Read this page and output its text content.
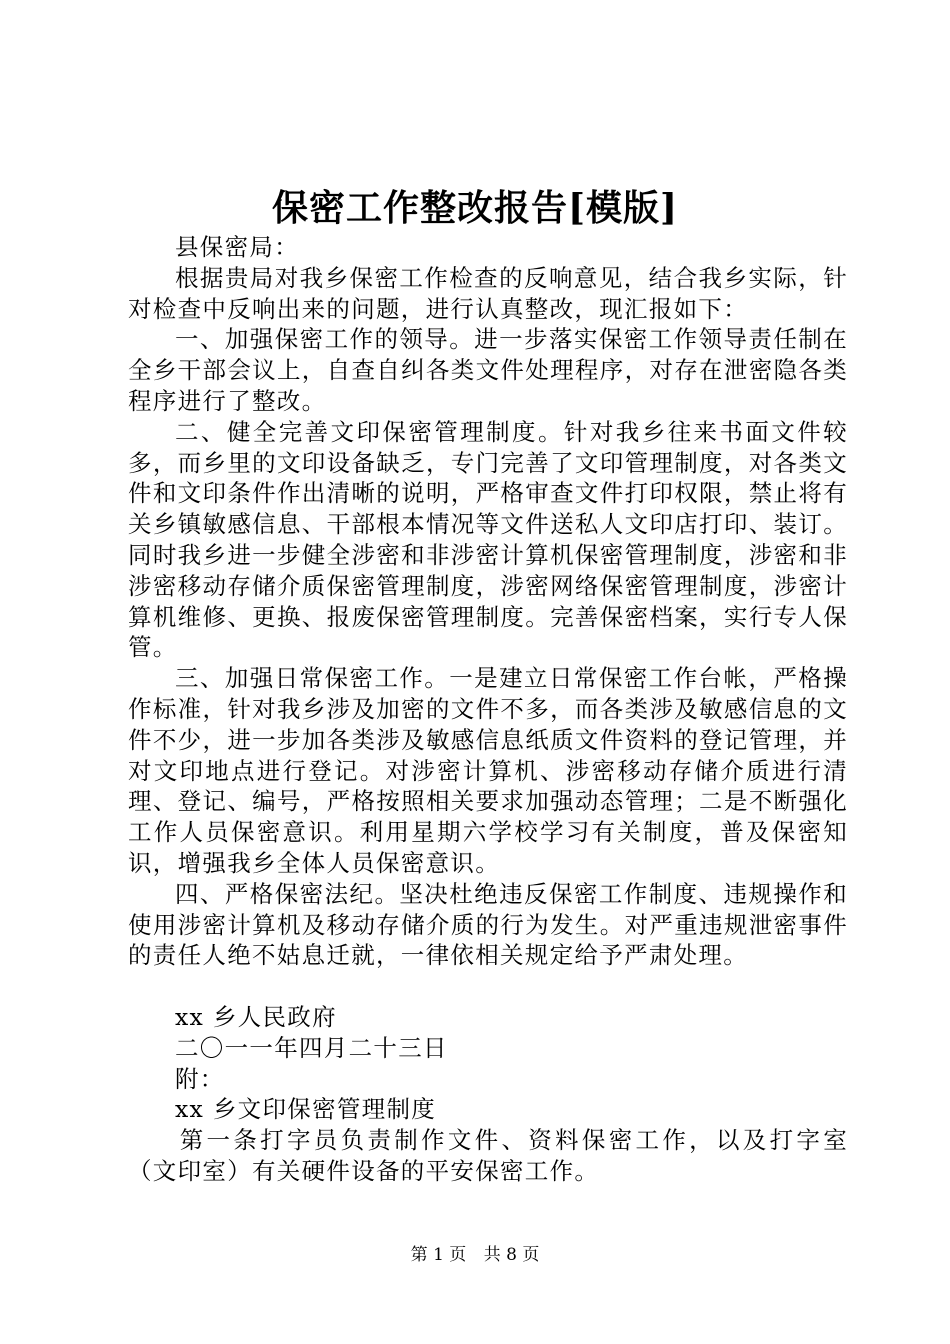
保密工作整改报告[模版]

县保密局：

根据贵局对我乡保密工作检查的反响意见，结合我乡实际，针对检查中反响出来的问题，进行认真整改，现汇报如下：

一、加强保密工作的领导。进一步落实保密工作领导责任制在全乡干部会议上，自查自纠各类文件处理程序，对存在泄密隐各类程序进行了整改。

二、健全完善文印保密管理制度。针对我乡往来书面文件较多，而乡里的文印设备缺乏，专门完善了文印管理制度，对各类文件和文印条件作出清晰的说明，严格审查文件打印权限，禁止将有关乡镇敏感信息、干部根本情况等文件送私人文印店打印、装订。同时我乡进一步健全涉密和非涉密计算机保密管理制度，涉密和非涉密移动存储介质保密管理制度，涉密网络保密管理制度，涉密计算机维修、更换、报废保密管理制度。完善保密档案，实行专人保管。

三、加强日常保密工作。一是建立日常保密工作台帐，严格操作标准，针对我乡涉及加密的文件不多，而各类涉及敏感信息的文件不少，进一步加各类涉及敏感信息纸质文件资料的登记管理，并对文印地点进行登记。对涉密计算机、涉密移动存储介质进行清理、登记、编号，严格按照相关要求加强动态管理；二是不断强化工作人员保密意识。利用星期六学校学习有关制度，普及保密知识，增强我乡全体人员保密意识。

四、严格保密法纪。坚决杜绝违反保密工作制度、违规操作和使用涉密计算机及移动存储介质的行为发生。对严重违规泄密事件的责任人绝不姑息迁就，一律依相关规定给予严肃处理。

xx 乡人民政府

二〇一一年四月二十三日

附：

xx 乡文印保密管理制度

第一条打字员负责制作文件、资料保密工作，以及打字室（文印室）有关硬件设备的平安保密工作。

第 1 页 共 8 页
